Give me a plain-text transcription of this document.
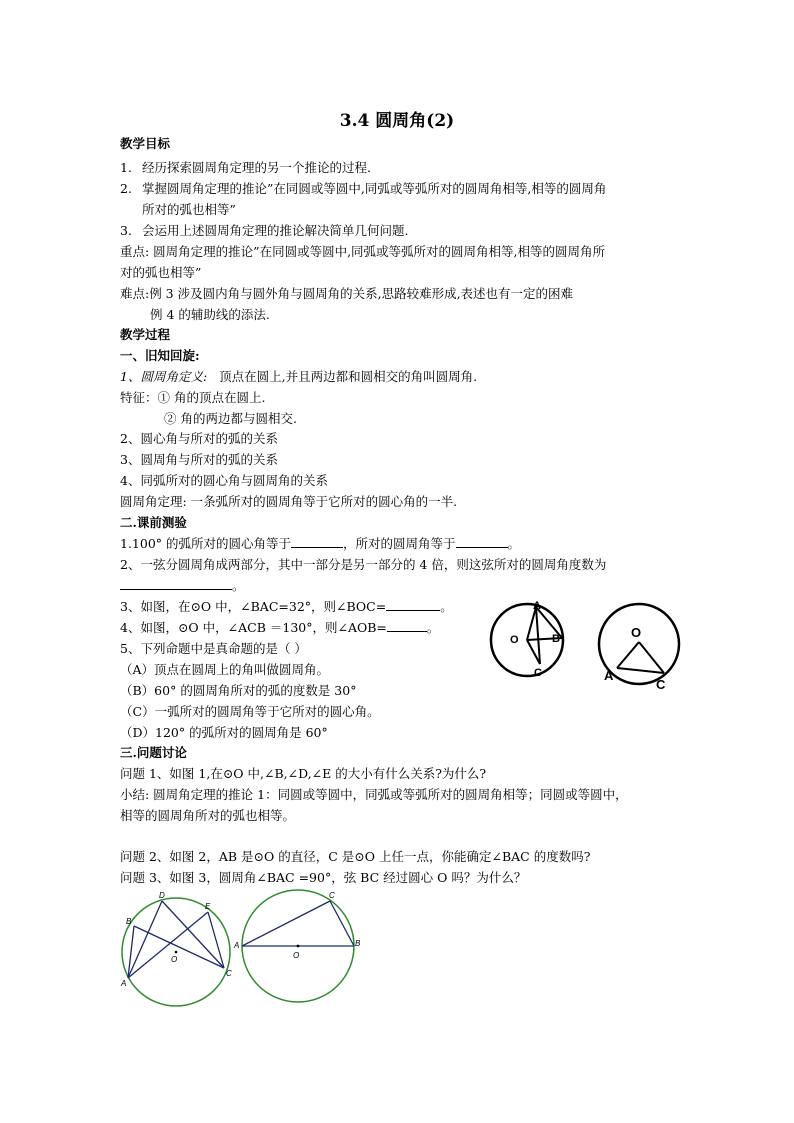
3.4 圆周角(2)
教学目标
1. 经历探索圆周角定理的另一个推论的过程.
2. 掌握圆周角定理的推论”在同圆或等圆中,同弧或等弧所对的圆周角相等,相等的圆周角
所对的弧也相等”
3. 会运用上述圆周角定理的推论解决简单几何问题.
重点: 圆周角定理的推论”在同圆或等圆中,同弧或等弧所对的圆周角相等,相等的圆周角所
对的弧也相等”
难点:例 3 涉及圆内角与圆外角与圆周角的关系,思路较难形成,表述也有一定的困难
例 4 的辅助线的添法.
教学过程
一、旧知回旋:
1、圆周角定义: 顶点在圆上,并且两边都和圆相交的角叫圆周角.
特征：① 角的顶点在圆上.
② 角的两边都与圆相交.
2、圆心角与所对的弧的关系
3、圆周角与所对的弧的关系
4、同弧所对的圆心角与圆周角的关系
圆周角定理: 一条弧所对的圆周角等于它所对的圆心角的一半.
二.课前测验
1.100° 的弧所对的圆心角等于	，所对的圆周角等于	。
2、一弦分圆周角成两部分，其中一部分是另一部分的 4 倍，则这弦所对的圆周角度数为
。
3、如图，在⊙O 中，∠BAC=32°，则∠BOC=	。
4、如图，⊙O 中，∠ACB ＝130°，则∠AOB=	。
5、下列命题中是真命题的是（ ）
（A）顶点在圆周上的角叫做圆周角。
（B）60° 的圆周角所对的弧的度数是 30°
（C）一弧所对的圆周角等于它所对的圆心角。
（D）120° 的弧所对的圆周角是 60°
三.问题讨论
问题 1、如图 1,在⊙O 中,∠B,∠D,∠E 的大小有什么关系?为什么?
小结: 圆周角定理的推论 1：同圆或等圆中，同弧或等弧所对的圆周角相等；同圆或等圆中，
相等的圆周角所对的弧也相等。
问题 2、如图 2，AB 是⊙O 的直径，C 是⊙O 上任一点，你能确定∠BAC 的度数吗?
问题 3、如图 3，圆周角∠BAC =90°，弦 BC 经过圆心 O 吗？为什么？
A
B
C
O	O
A
C
O
A
B
C
D
E
O
A	B
C
